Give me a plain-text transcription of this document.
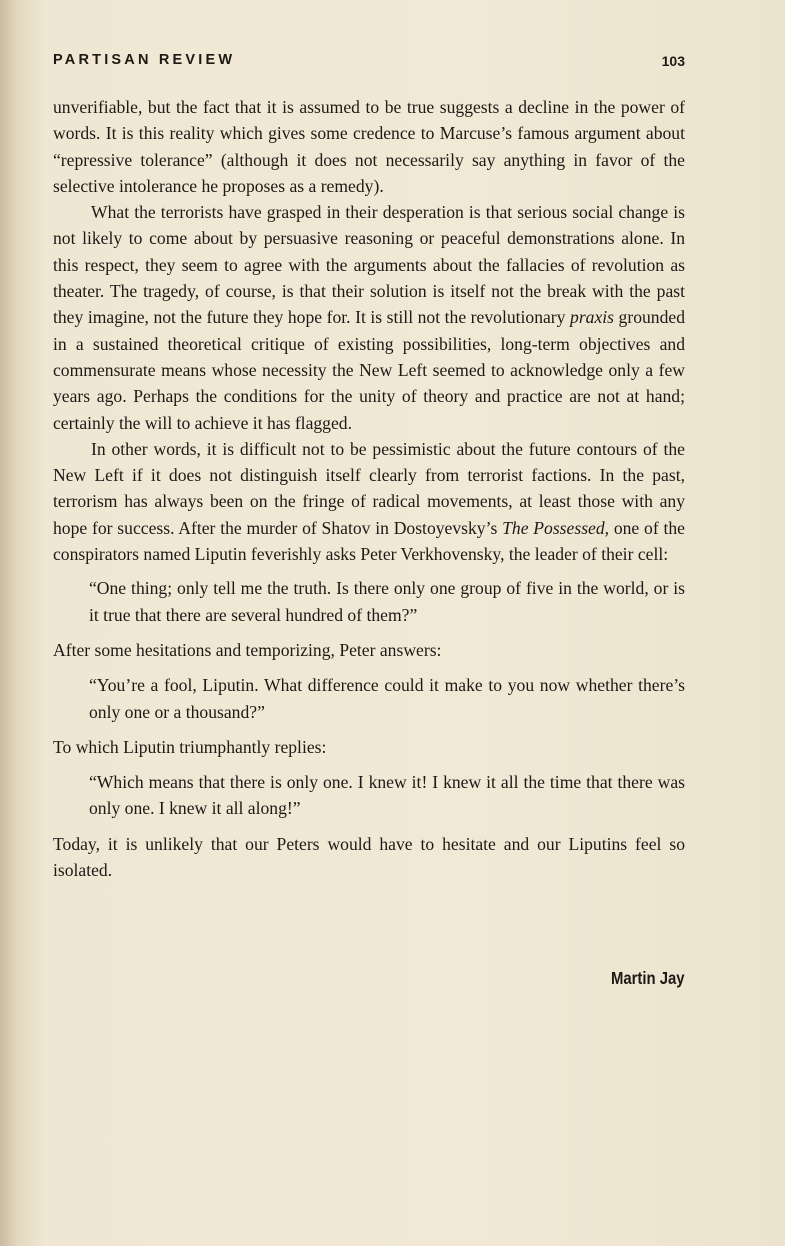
PARTISAN REVIEW	103

unverifiable, but the fact that it is assumed to be true suggests a decline in the power of words. It is this reality which gives some credence to Marcuse’s famous argument about “repressive tolerance” (although it does not necessarily say anything in favor of the selective intolerance he proposes as a remedy).

What the terrorists have grasped in their desperation is that serious social change is not likely to come about by persuasive reasoning or peaceful demonstrations alone. In this respect, they seem to agree with the arguments about the fallacies of revolution as theater. The tragedy, of course, is that their solution is itself not the break with the past they imagine, not the future they hope for. It is still not the revolutionary praxis grounded in a sustained theoretical critique of existing possibilities, long-term objectives and commensurate means whose necessity the New Left seemed to acknowledge only a few years ago. Perhaps the conditions for the unity of theory and practice are not at hand; certainly the will to achieve it has flagged.

In other words, it is difficult not to be pessimistic about the future contours of the New Left if it does not distinguish itself clearly from terrorist factions. In the past, terrorism has always been on the fringe of radical movements, at least those with any hope for success. After the murder of Shatov in Dostoyevsky’s The Possessed, one of the conspirators named Liputin feverishly asks Peter Verkhovensky, the leader of their cell:

“One thing; only tell me the truth. Is there only one group of five in the world, or is it true that there are several hundred of them?”

After some hesitations and temporizing, Peter answers:

“You’re a fool, Liputin. What difference could it make to you now whether there’s only one or a thousand?”

To which Liputin triumphantly replies:

“Which means that there is only one. I knew it! I knew it all the time that there was only one. I knew it all along!”

Today, it is unlikely that our Peters would have to hesitate and our Liputins feel so isolated.

Martin Jay
